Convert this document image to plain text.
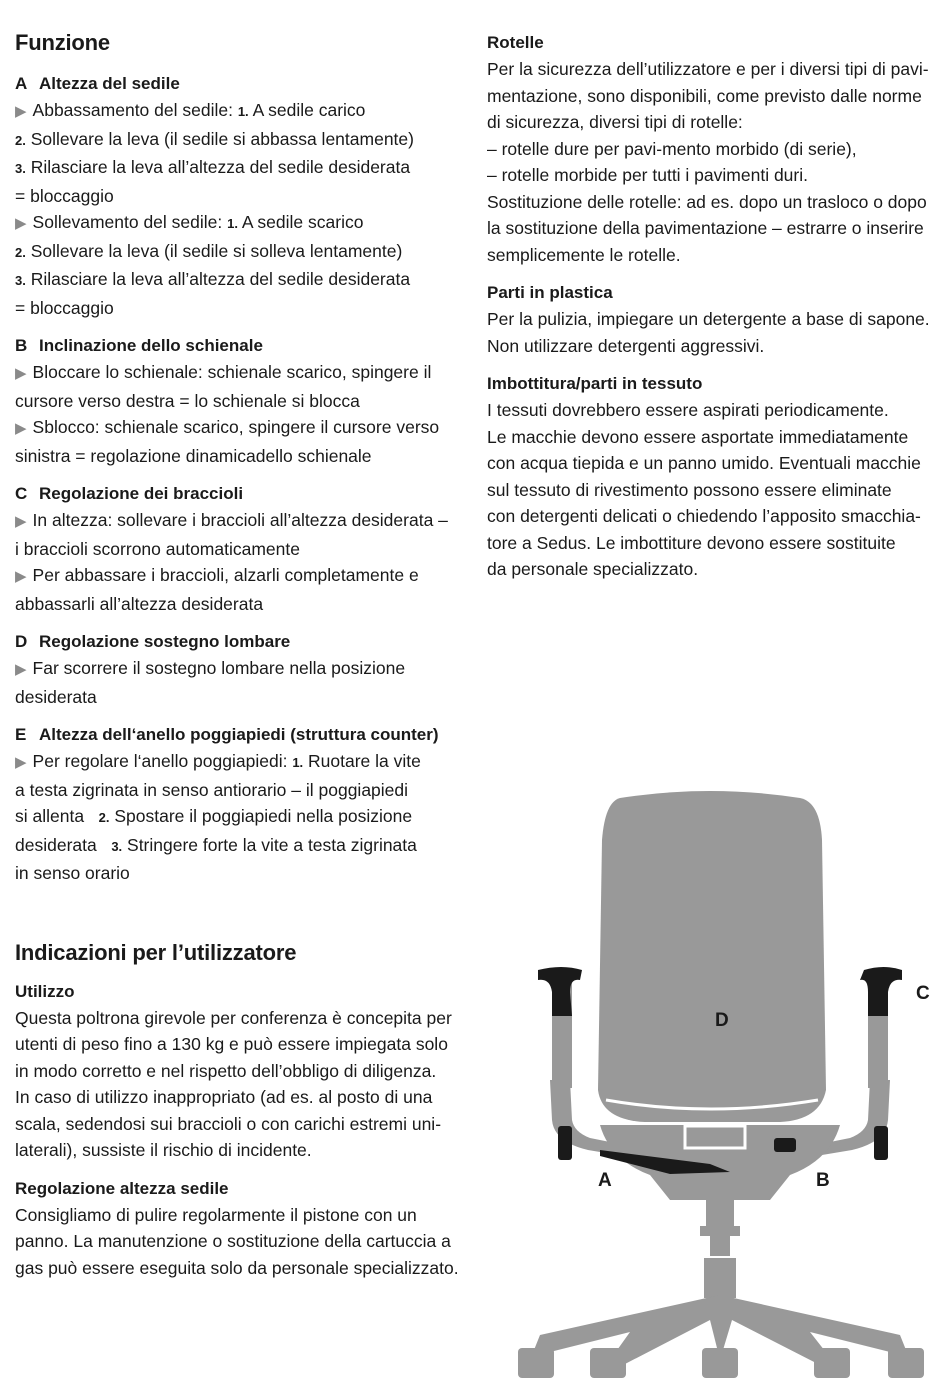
Funzione
A Altezza del sedile
▶ Abbassamento del sedile: 1. A sedile carico
2. Sollevare la leva (il sedile si abbassa lentamente)
3. Rilasciare la leva all’altezza del sedile desiderata
= bloccaggio
▶ Sollevamento del sedile: 1. A sedile scarico
2. Sollevare la leva (il sedile si solleva lentamente)
3. Rilasciare la leva all’altezza del sedile desiderata
= bloccaggio
B Inclinazione dello schienale
▶ Bloccare lo schienale: schienale scarico, spingere il
cursore verso destra = lo schienale si blocca
▶ Sblocco: schienale scarico, spingere il cursore verso
sinistra = regolazione dinamicadello schienale
C Regolazione dei braccioli
▶ In altezza: sollevare i braccioli all’altezza desiderata –
i braccioli scorrono automaticamente
▶ Per abbassare i braccioli, alzarli completamente e
abbassarli all’altezza desiderata
D Regolazione sostegno lombare
▶ Far scorrere il sostegno lombare nella posizione
desiderata
E Altezza dell‘anello poggiapiedi (struttura counter)
▶ Per regolare l‘anello poggiapiedi: 1. Ruotare la vite
a testa zigrinata in senso antiorario – il poggiapiedi
si allenta   2. Spostare il poggiapiedi nella posizione
desiderata   3. Stringere forte la vite a testa zigrinata
in senso orario
Indicazioni per l’utilizzatore
Utilizzo
Questa poltrona girevole per conferenza è concepita per
utenti di peso fino a 130 kg e può essere impiegata solo
in modo corretto e nel rispetto dell’obbligo di diligenza.
In caso di utilizzo inappropriato (ad es. al posto di una
scala, sedendosi sui braccioli o con carichi estremi uni-
laterali), sussiste il rischio di incidente.
Regolazione altezza sedile
Consigliamo di pulire regolarmente il pistone con un
panno. La manutenzione o sostituzione della cartuccia a
gas può essere eseguita solo da personale specializzato.
Rotelle
Per la sicurezza dell’utilizzatore e per i diversi tipi di pavi-
mentazione, sono disponibili, come previsto dalle norme
di sicurezza, diversi tipi di rotelle:
– rotelle dure per pavi-mento morbido (di serie),
– rotelle morbide per tutti i pavimenti duri.
Sostituzione delle rotelle: ad es. dopo un trasloco o dopo
la sostituzione della pavimentazione – estrarre o inserire
semplicemente le rotelle.
Parti in plastica
Per la pulizia, impiegare un detergente a base di sapone.
Non utilizzare detergenti aggressivi.
Imbottitura/parti in tessuto
I tessuti dovrebbero essere aspirati periodicamente.
Le macchie devono essere asportate immediatamente
con acqua tiepida e un panno umido. Eventuali macchie
sul tessuto di rivestimento possono essere eliminate
con detergenti delicati o chiedendo l’apposito smacchia-
tore a Sedus. Le imbottiture devono essere sostituite
da personale specializzato.
A	B
C
D
